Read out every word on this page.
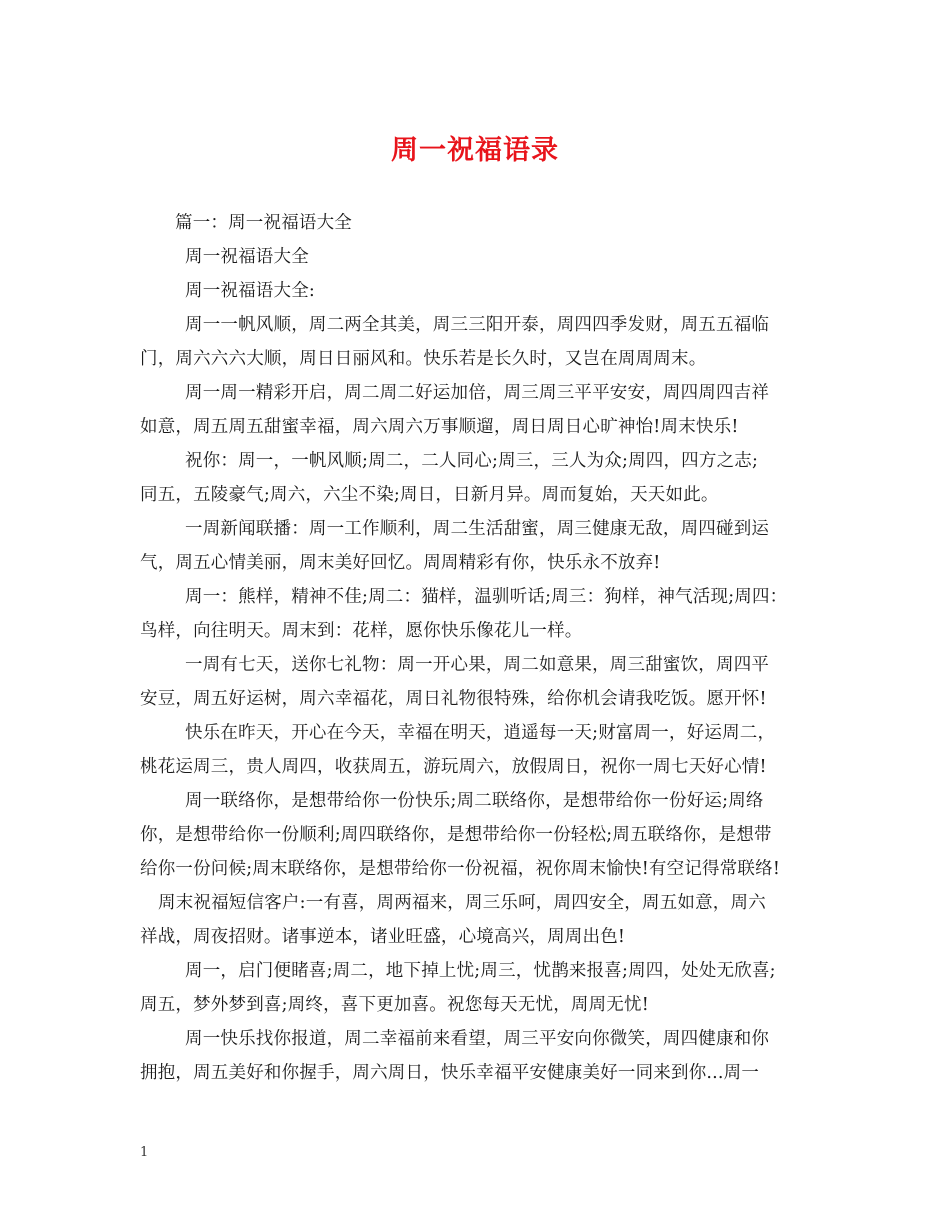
周一祝福语录
篇一：周一祝福语大全
周一祝福语大全
周一祝福语大全:
周一一帆风顺，周二两全其美，周三三阳开泰，周四四季发财，周五五福临
门，周六六六大顺，周日日丽风和。快乐若是长久时，又岂在周周周末。
周一周一精彩开启，周二周二好运加倍，周三周三平平安安，周四周四吉祥
如意，周五周五甜蜜幸福，周六周六万事顺遛，周日周日心旷神怡!周末快乐!
祝你：周一，一帆风顺;周二，二人同心;周三，三人为众;周四，四方之志;
同五，五陵豪气;周六，六尘不染;周日，日新月异。周而复始，天天如此。
一周新闻联播：周一工作顺利，周二生活甜蜜，周三健康无敌，周四碰到运
气，周五心情美丽，周末美好回忆。周周精彩有你，快乐永不放弃!
周一：熊样，精神不佳;周二：猫样，温驯听话;周三：狗样，神气活现;周四：
鸟样，向往明天。周末到：花样，愿你快乐像花儿一样。
一周有七天，送你七礼物：周一开心果，周二如意果，周三甜蜜饮，周四平
安豆，周五好运树，周六幸福花，周日礼物很特殊，给你机会请我吃饭。愿开怀!
快乐在昨天，开心在今天，幸福在明天，逍遥每一天;财富周一，好运周二，
桃花运周三，贵人周四，收获周五，游玩周六，放假周日，祝你一周七天好心情!
周一联络你，是想带给你一份快乐;周二联络你，是想带给你一份好运;周络
你，是想带给你一份顺利;周四联络你，是想带给你一份轻松;周五联络你，是想带
给你一份问候;周末联络你，是想带给你一份祝福，祝你周末愉快!有空记得常联络!
周末祝福短信客户:一有喜，周两福来，周三乐呵，周四安全，周五如意，周六
祥战，周夜招财。诸事逆本，诸业旺盛，心境高兴，周周出色!
周一，启门便睹喜;周二，地下掉上忧;周三，忧鹊来报喜;周四，处处无欣喜;
周五，梦外梦到喜;周终，喜下更加喜。祝您每天无忧，周周无忧!
周一快乐找你报道，周二幸福前来看望，周三平安向你微笑，周四健康和你
拥抱，周五美好和你握手，周六周日，快乐幸福平安健康美好一同来到你...周一
1
